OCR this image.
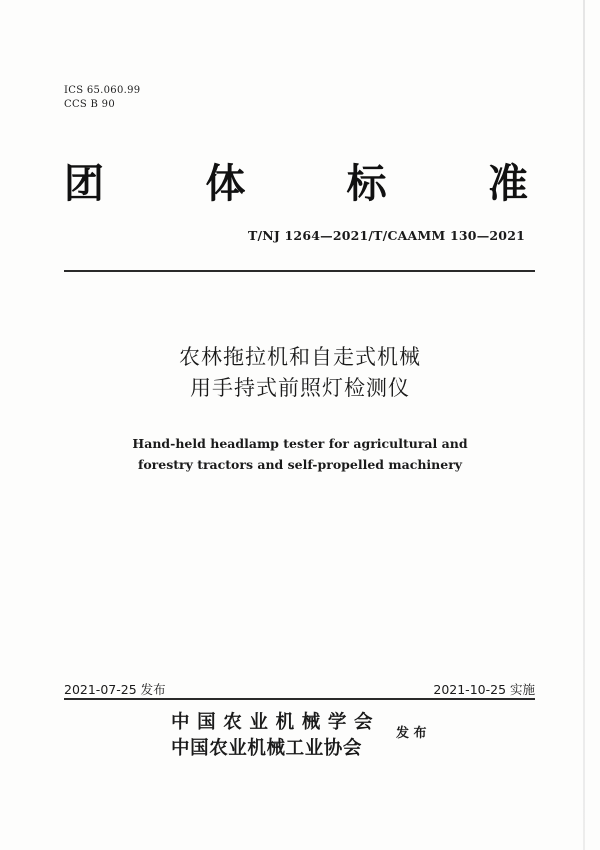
ICS 65.060.99
CCS B 90
团	体	标	准
T/NJ 1264—2021/T/CAAMM 130—2021
农林拖拉机和自走式机械
用手持式前照灯检测仪
Hand-held headlamp tester for agricultural and
forestry tractors and self-propelled machinery
2021-07-25 发布	2021-10-25 实施
中 国 农 业 机 械 学 会
中国农业机械工业协会
发 布
